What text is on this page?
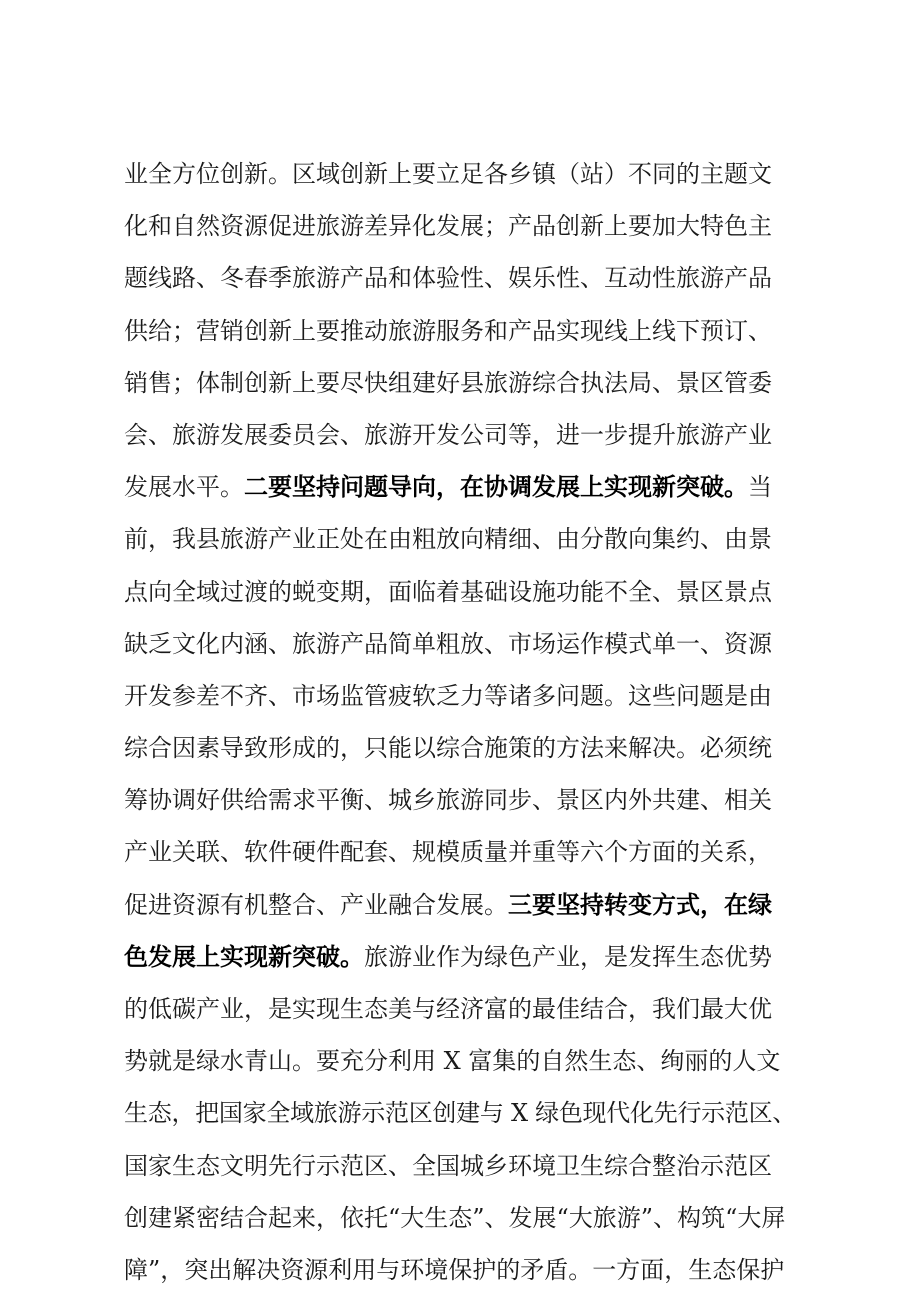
业全方位创新。区域创新上要立足各乡镇（站）不同的主题文
化和自然资源促进旅游差异化发展；产品创新上要加大特色主
题线路、冬春季旅游产品和体验性、娱乐性、互动性旅游产品
供给；营销创新上要推动旅游服务和产品实现线上线下预订、
销售；体制创新上要尽快组建好县旅游综合执法局、景区管委
会、旅游发展委员会、旅游开发公司等，进一步提升旅游产业
发展水平。二要坚持问题导向，在协调发展上实现新突破。当
前，我县旅游产业正处在由粗放向精细、由分散向集约、由景
点向全域过渡的蜕变期，面临着基础设施功能不全、景区景点
缺乏文化内涵、旅游产品简单粗放、市场运作模式单一、资源
开发参差不齐、市场监管疲软乏力等诸多问题。这些问题是由
综合因素导致形成的，只能以综合施策的方法来解决。必须统
筹协调好供给需求平衡、城乡旅游同步、景区内外共建、相关
产业关联、软件硬件配套、规模质量并重等六个方面的关系，
促进资源有机整合、产业融合发展。三要坚持转变方式，在绿
色发展上实现新突破。旅游业作为绿色产业，是发挥生态优势
的低碳产业，是实现生态美与经济富的最佳结合，我们最大优
势就是绿水青山。要充分利用 X 富集的自然生态、绚丽的人文
生态，把国家全域旅游示范区创建与 X 绿色现代化先行示范区、
国家生态文明先行示范区、全国城乡环境卫生综合整治示范区
创建紧密结合起来，依托“大生态”、发展“大旅游”、构筑“大屏
障”，突出解决资源利用与环境保护的矛盾。一方面，生态保护
